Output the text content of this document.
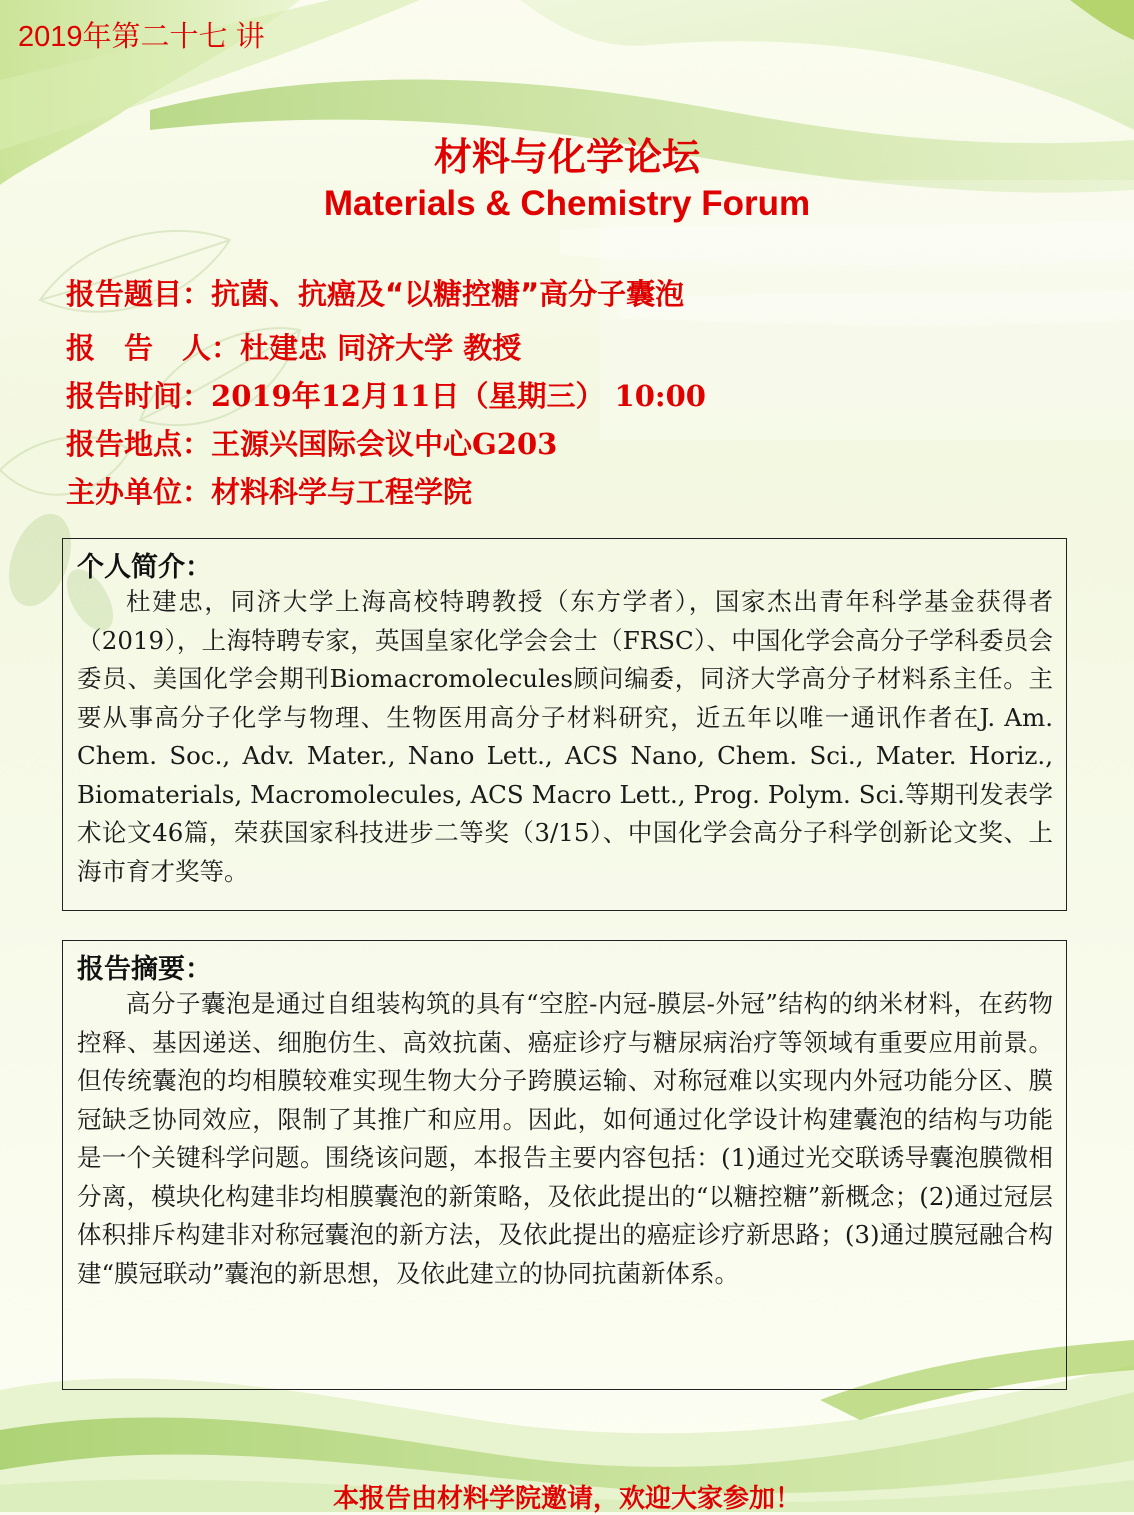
2019年第二十七 讲
材料与化学论坛
Materials & Chemistry Forum
报告题目：抗菌、抗癌及“以糖控糖”高分子囊泡
报　告　人：杜建忠 同济大学 教授
报告时间：2019年12月11日（星期三） 10:00
报告地点：王源兴国际会议中心G203
主办单位：材料科学与工程学院
个人简介：

杜建忠，同济大学上海高校特聘教授（东方学者），国家杰出青年科学基金获得者（2019），上海特聘专家，英国皇家化学会会士（FRSC）、中国化学会高分子学科委员会委员、美国化学会期刊Biomacromolecules顾问编委，同济大学高分子材料系主任。主要从事高分子化学与物理、生物医用高分子材料研究，近五年以唯一通讯作者在J. Am. Chem. Soc., Adv. Mater., Nano Lett., ACS Nano, Chem. Sci., Mater. Horiz., Biomaterials, Macromolecules, ACS Macro Lett., Prog. Polym. Sci.等期刊发表学术论文46篇，荣获国家科技进步二等奖（3/15）、中国化学会高分子科学创新论文奖、上海市育才奖等。

报告摘要：

高分子囊泡是通过自组装构筑的具有“空腔-内冠-膜层-外冠”结构的纳米材料，在药物控释、基因递送、细胞仿生、高效抗菌、癌症诊疗与糖尿病治疗等领域有重要应用前景。但传统囊泡的均相膜较难实现生物大分子跨膜运输、对称冠难以实现内外冠功能分区、膜冠缺乏协同效应，限制了其推广和应用。因此，如何通过化学设计构建囊泡的结构与功能是一个关键科学问题。围绕该问题，本报告主要内容包括：(1)通过光交联诱导囊泡膜微相分离，模块化构建非均相膜囊泡的新策略，及依此提出的“以糖控糖”新概念；(2)通过冠层体积排斥构建非对称冠囊泡的新方法，及依此提出的癌症诊疗新思路；(3)通过膜冠融合构建“膜冠联动”囊泡的新思想，及依此建立的协同抗菌新体系。

本报告由材料学院邀请，欢迎大家参加！
